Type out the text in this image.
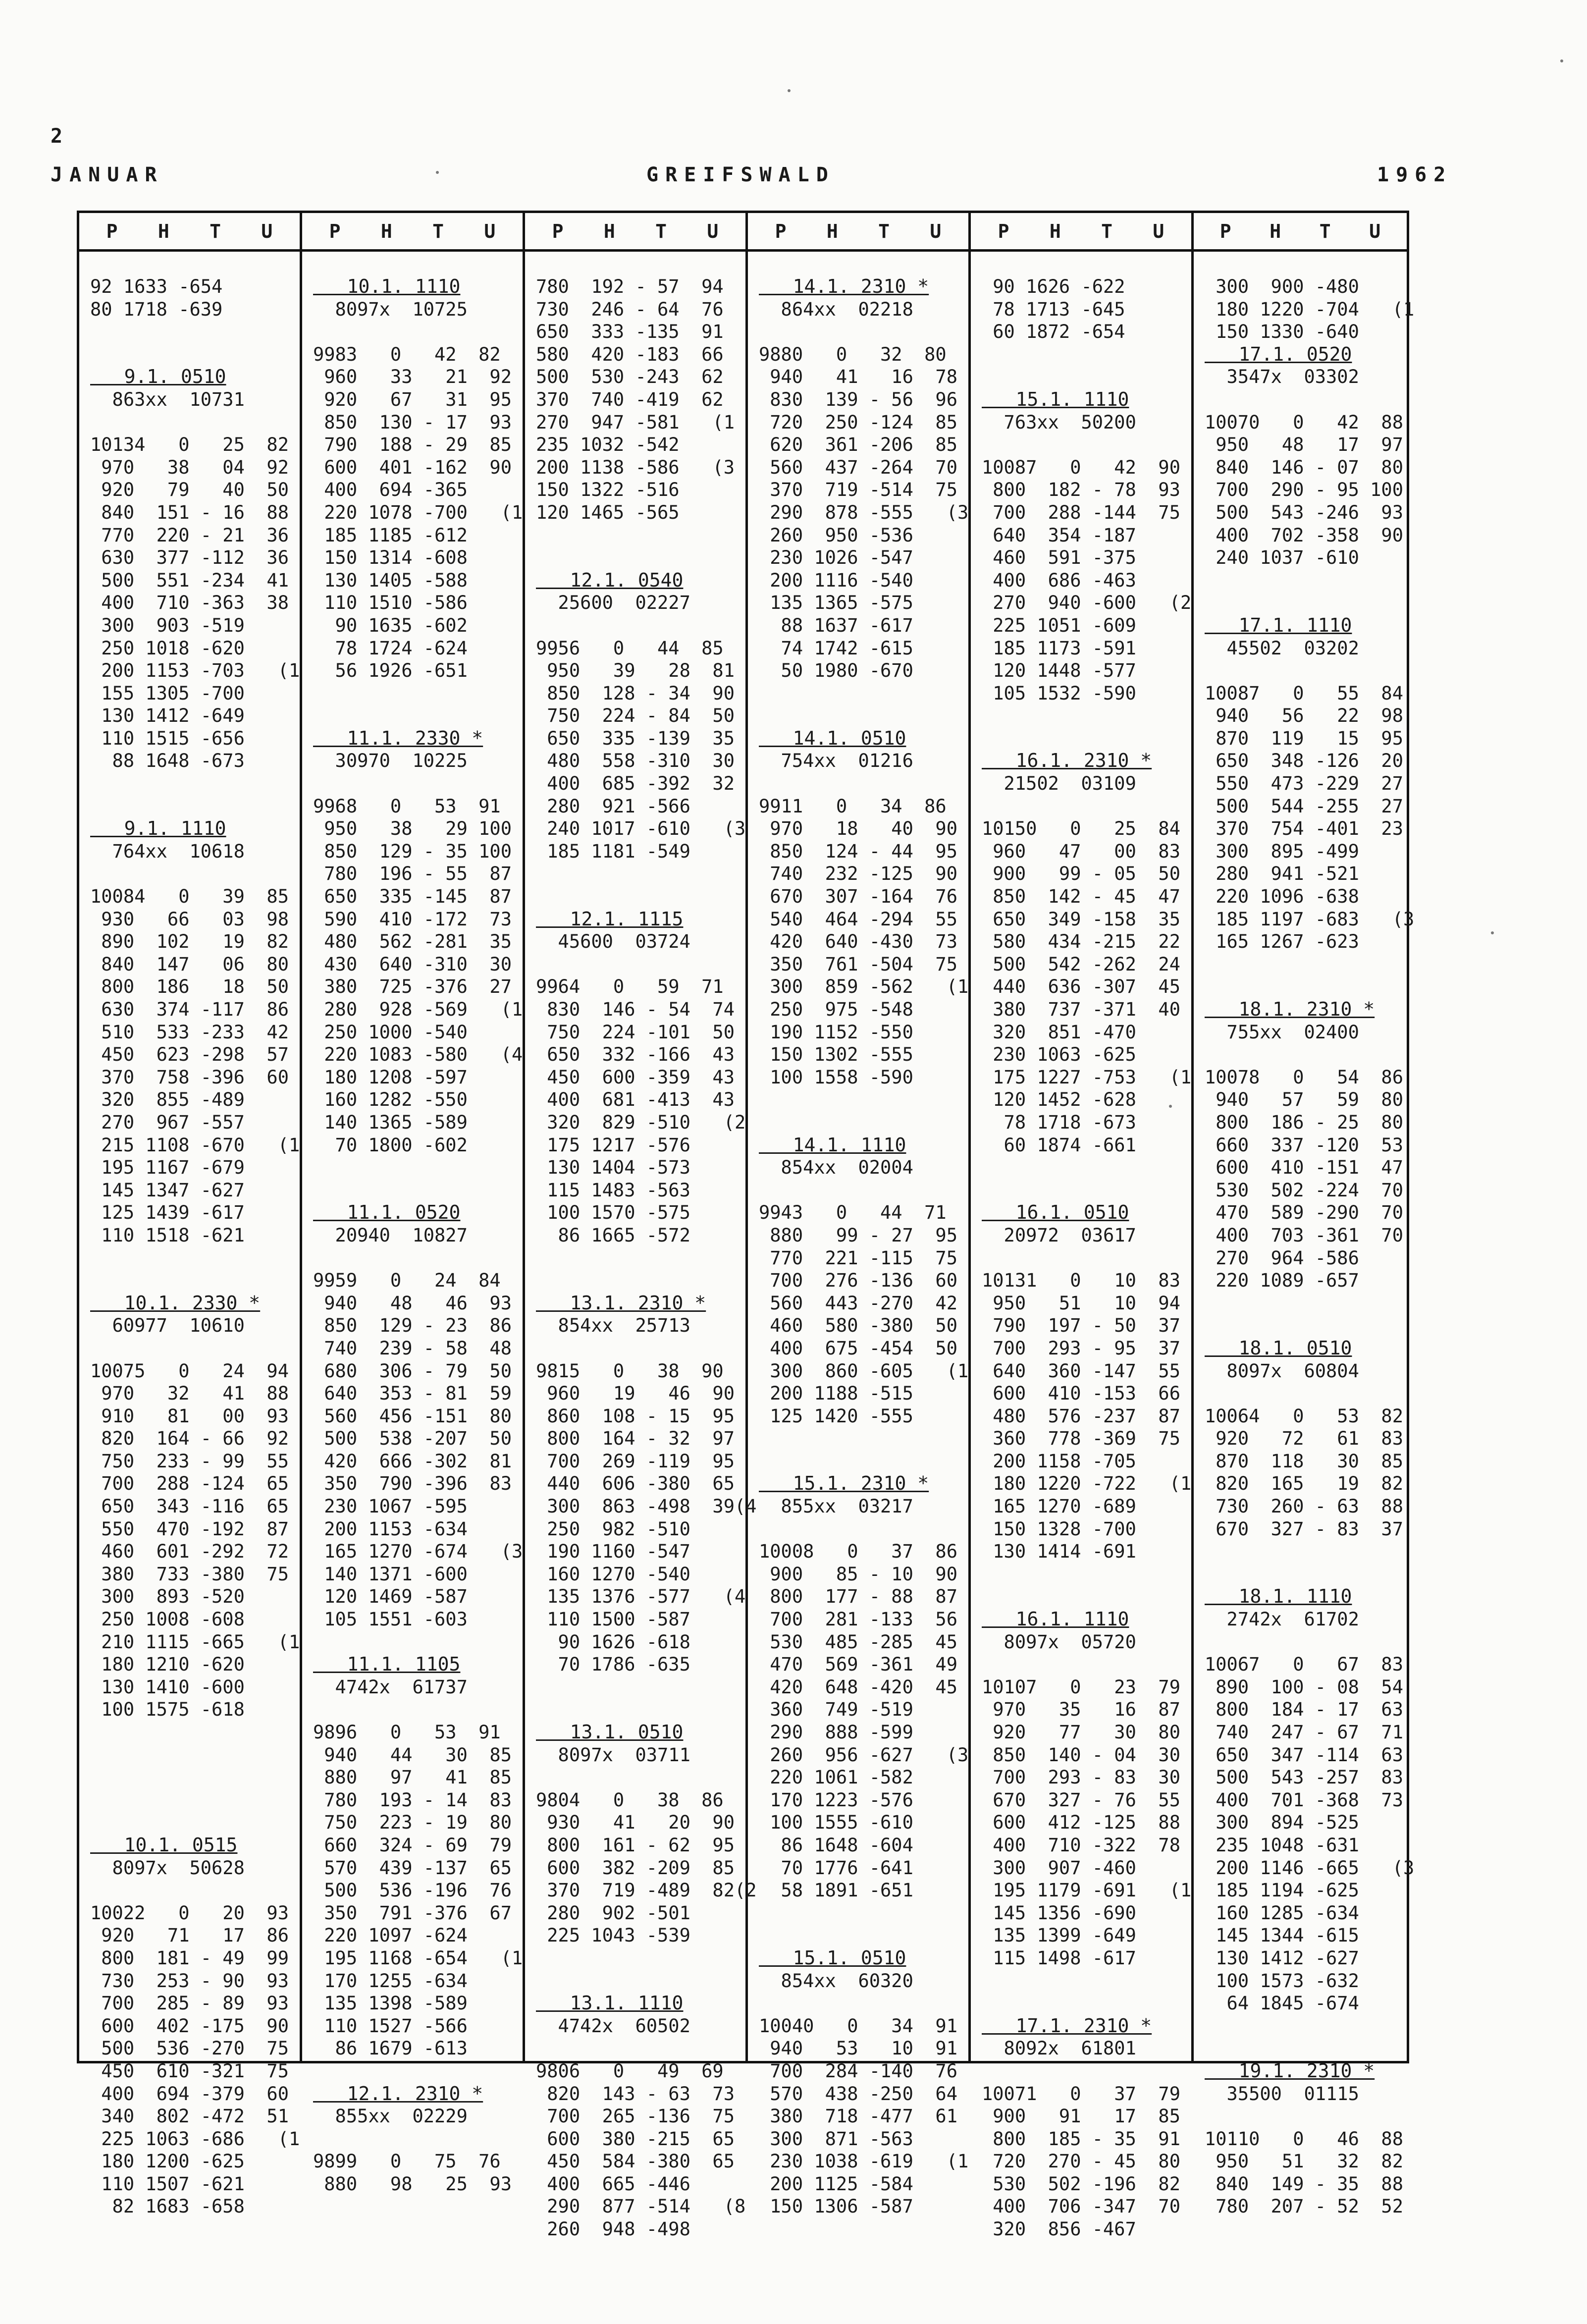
2
JANUAR	GREIFSWALD	1962
P H T U
92 1633 -654
80 1718 -639
9.1. 0510
863xx  10731
10134   0   25  82
970   38   04  92
920   79   40  50
840  151 - 16  88
770  220 - 21  36
630  377 -112  36
500  551 -234  41
400  710 -363  38
300  903 -519
250 1018 -620
200 1153 -703   (1
155 1305 -700
130 1412 -649
110 1515 -656
88 1648 -673
9.1. 1110
764xx  10618
10084   0   39  85
930   66   03  98
890  102   19  82
840  147   06  80
800  186   18  50
630  374 -117  86
510  533 -233  42
450  623 -298  57
370  758 -396  60
320  855 -489
270  967 -557
215 1108 -670   (1
195 1167 -679
145 1347 -627
125 1439 -617
110 1518 -621
10.1. 2330 *
60977  10610
10075   0   24  94
970   32   41  88
910   81   00  93
820  164 - 66  92
750  233 - 99  55
700  288 -124  65
650  343 -116  65
550  470 -192  87
460  601 -292  72
380  733 -380  75
300  893 -520
250 1008 -608
210 1115 -665   (1
180 1210 -620
130 1410 -600
100 1575 -618
10.1. 0515
8097x  50628
10022   0   20  93
920   71   17  86
800  181 - 49  99
730  253 - 90  93
700  285 - 89  93
600  402 -175  90
500  536 -270  75
450  610 -321  75
400  694 -379  60
340  802 -472  51
225 1063 -686   (1
180 1200 -625
110 1507 -621
82 1683 -658
P H T U
10.1. 1110
8097x  10725
9983   0   42  82
960   33   21  92
920   67   31  95
850  130 - 17  93
790  188 - 29  85
600  401 -162  90
400  694 -365
220 1078 -700   (1
185 1185 -612
150 1314 -608
130 1405 -588
110 1510 -586
90 1635 -602
78 1724 -624
56 1926 -651
11.1. 2330 *
30970  10225
9968   0   53  91
950   38   29 100
850  129 - 35 100
780  196 - 55  87
650  335 -145  87
590  410 -172  73
480  562 -281  35
430  640 -310  30
380  725 -376  27
280  928 -569   (1
250 1000 -540
220 1083 -580   (4
180 1208 -597
160 1282 -550
140 1365 -589
70 1800 -602
11.1. 0520
20940  10827
9959   0   24  84
940   48   46  93
850  129 - 23  86
740  239 - 58  48
680  306 - 79  50
640  353 - 81  59
560  456 -151  80
500  538 -207  50
420  666 -302  81
350  790 -396  83
230 1067 -595
200 1153 -634
165 1270 -674   (3
140 1371 -600
120 1469 -587
105 1551 -603
11.1. 1105
4742x  61737
9896   0   53  91
940   44   30  85
880   97   41  85
780  193 - 14  83
750  223 - 19  80
660  324 - 69  79
570  439 -137  65
500  536 -196  76
350  791 -376  67
220 1097 -624
195 1168 -654   (1
170 1255 -634
135 1398 -589
110 1527 -566
86 1679 -613
12.1. 2310 *
855xx  02229
9899   0   75  76
880   98   25  93
P H T U
780  192 - 57  94
730  246 - 64  76
650  333 -135  91
580  420 -183  66
500  530 -243  62
370  740 -419  62
270  947 -581   (1
235 1032 -542
200 1138 -586   (3
150 1322 -516
120 1465 -565
12.1. 0540
25600  02227
9956   0   44  85
950   39   28  81
850  128 - 34  90
750  224 - 84  50
650  335 -139  35
480  558 -310  30
400  685 -392  32
280  921 -566
240 1017 -610   (3
185 1181 -549
12.1. 1115
45600  03724
9964   0   59  71
830  146 - 54  74
750  224 -101  50
650  332 -166  43
450  600 -359  43
400  681 -413  43
320  829 -510   (2
175 1217 -576
130 1404 -573
115 1483 -563
100 1570 -575
86 1665 -572
13.1. 2310 *
854xx  25713
9815   0   38  90
960   19   46  90
860  108 - 15  95
800  164 - 32  97
700  269 -119  95
440  606 -380  65
300  863 -498  39(4
250  982 -510
190 1160 -547
160 1270 -540
135 1376 -577   (4
110 1500 -587
90 1626 -618
70 1786 -635
13.1. 0510
8097x  03711
9804   0   38  86
930   41   20  90
800  161 - 62  95
600  382 -209  85
370  719 -489  82(2
280  902 -501
225 1043 -539
13.1. 1110
4742x  60502
9806   0   49  69
820  143 - 63  73
700  265 -136  75
600  380 -215  65
450  584 -380  65
400  665 -446
290  877 -514   (8
260  948 -498
P H T U
14.1. 2310 *
864xx  02218
9880   0   32  80
940   41   16  78
830  139 - 56  96
720  250 -124  85
620  361 -206  85
560  437 -264  70
370  719 -514  75
290  878 -555   (3
260  950 -536
230 1026 -547
200 1116 -540
135 1365 -575
88 1637 -617
74 1742 -615
50 1980 -670
14.1. 0510
754xx  01216
9911   0   34  86
970   18   40  90
850  124 - 44  95
740  232 -125  90
670  307 -164  76
540  464 -294  55
420  640 -430  73
350  761 -504  75
300  859 -562   (1
250  975 -548
190 1152 -550
150 1302 -555
100 1558 -590
14.1. 1110
854xx  02004
9943   0   44  71
880   99 - 27  95
770  221 -115  75
700  276 -136  60
560  443 -270  42
460  580 -380  50
400  675 -454  50
300  860 -605   (1
200 1188 -515
125 1420 -555
15.1. 2310 *
855xx  03217
10008   0   37  86
900   85 - 10  90
800  177 - 88  87
700  281 -133  56
530  485 -285  45
470  569 -361  49
420  648 -420  45
360  749 -519
290  888 -599
260  956 -627   (3
220 1061 -582
170 1223 -576
100 1555 -610
86 1648 -604
70 1776 -641
58 1891 -651
15.1. 0510
854xx  60320
10040   0   34  91
940   53   10  91
700  284 -140  76
570  438 -250  64
380  718 -477  61
300  871 -563
230 1038 -619   (1
200 1125 -584
150 1306 -587
P H T U
90 1626 -622
78 1713 -645
60 1872 -654
15.1. 1110
763xx  50200
10087   0   42  90
800  182 - 78  93
700  288 -144  75
640  354 -187
460  591 -375
400  686 -463
270  940 -600   (2
225 1051 -609
185 1173 -591
120 1448 -577
105 1532 -590
16.1. 2310 *
21502  03109
10150   0   25  84
960   47   00  83
900   99 - 05  50
850  142 - 45  47
650  349 -158  35
580  434 -215  22
500  542 -262  24
440  636 -307  45
380  737 -371  40
320  851 -470
230 1063 -625
175 1227 -753   (1
120 1452 -628
78 1718 -673
60 1874 -661
16.1. 0510
20972  03617
10131   0   10  83
950   51   10  94
790  197 - 50  37
700  293 - 95  37
640  360 -147  55
600  410 -153  66
480  576 -237  87
360  778 -369  75
200 1158 -705
180 1220 -722   (1
165 1270 -689
150 1328 -700
130 1414 -691
16.1. 1110
8097x  05720
10107   0   23  79
970   35   16  87
920   77   30  80
850  140 - 04  30
700  293 - 83  30
670  327 - 76  55
600  412 -125  88
400  710 -322  78
300  907 -460
195 1179 -691   (1
145 1356 -690
135 1399 -649
115 1498 -617
17.1. 2310 *
8092x  61801
10071   0   37  79
900   91   17  85
800  185 - 35  91
720  270 - 45  80
530  502 -196  82
400  706 -347  70
320  856 -467
P H T U
300  900 -480
180 1220 -704   (1
150 1330 -640
17.1. 0520
3547x  03302
10070   0   42  88
950   48   17  97
840  146 - 07  80
700  290 - 95 100
500  543 -246  93
400  702 -358  90
240 1037 -610
17.1. 1110
45502  03202
10087   0   55  84
940   56   22  98
870  119   15  95
650  348 -126  20
550  473 -229  27
500  544 -255  27
370  754 -401  23
300  895 -499
280  941 -521
220 1096 -638
185 1197 -683   (3
165 1267 -623
18.1. 2310 *
755xx  02400
10078   0   54  86
940   57   59  80
800  186 - 25  80
660  337 -120  53
600  410 -151  47
530  502 -224  70
470  589 -290  70
400  703 -361  70
270  964 -586
220 1089 -657
18.1. 0510
8097x  60804
10064   0   53  82
920   72   61  83
870  118   30  85
820  165   19  82
730  260 - 63  88
670  327 - 83  37
18.1. 1110
2742x  61702
10067   0   67  83
890  100 - 08  54
800  184 - 17  63
740  247 - 67  71
650  347 -114  63
500  543 -257  83
400  701 -368  73
300  894 -525
235 1048 -631
200 1146 -665   (3
185 1194 -625
160 1285 -634
145 1344 -615
130 1412 -627
100 1573 -632
64 1845 -674
19.1. 2310 *
35500  01115
10110   0   46  88
950   51   32  82
840  149 - 35  88
780  207 - 52  52
